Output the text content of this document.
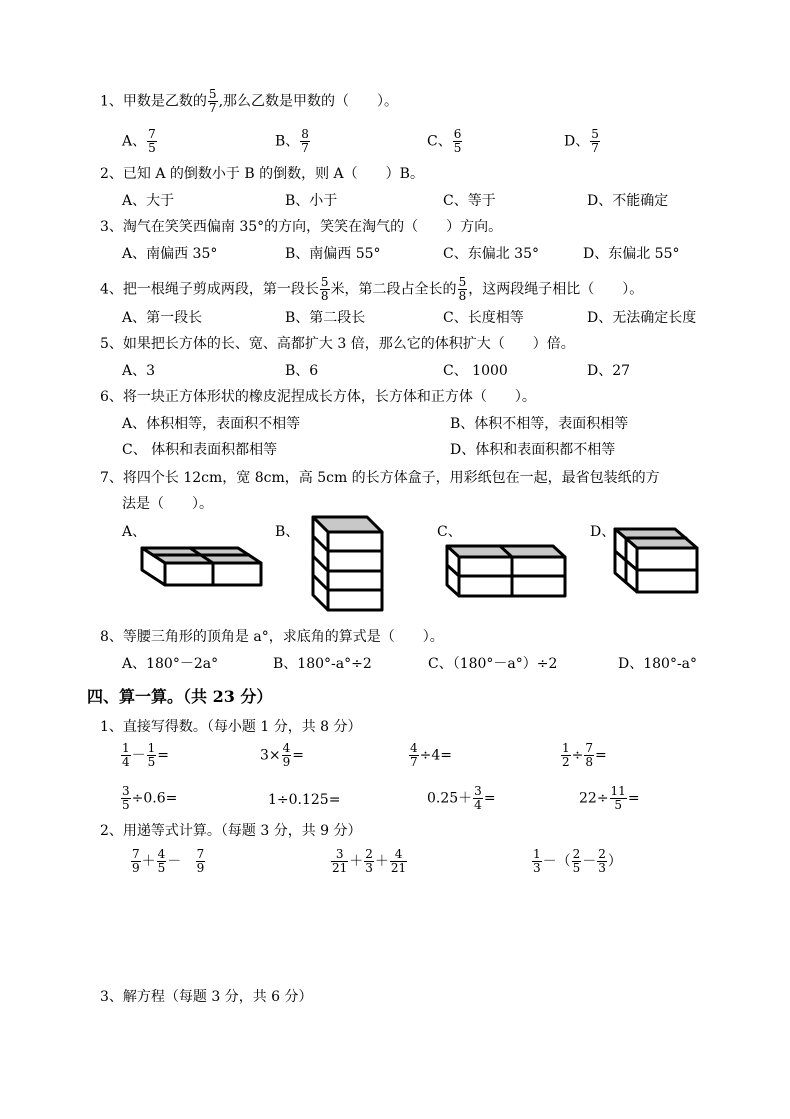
1、甲数是乙数的 $\frac{5}{7}$ ,那么乙数是甲数的（　　）。
A、 $\frac{7}{5}$	B、 $\frac{8}{7}$	C、 $\frac{6}{5}$	D、 $\frac{5}{7}$
2、已知 A 的倒数小于 B 的倒数，则 A（　　）B。
A、大于	B、小于	C、等于	D、不能确定
3、淘气在笑笑西偏南 35°的方向，笑笑在淘气的（　　）方向。
A、南偏西 35°	B、南偏西 55°	C、东偏北 35°	D、东偏北 55°
4、把一根绳子剪成两段，第一段长 $\frac{5}{8}$ 米，第二段占全长的 $\frac{5}{8}$ ，这两段绳子相比（　　）。
A、第一段长	B、第二段长	C、长度相等	D、无法确定长度
5、如果把长方体的长、宽、高都扩大 3 倍，那么它的体积扩大（　　）倍。
A、3	B、6	C、 1000	D、27
6、将一块正方体形状的橡皮泥捏成长方体，长方体和正方体（　　）。
A、体积相等，表面积不相等	B、体积不相等，表面积相等
C、 体积和表面积都相等	D、体积和表面积都不相等
7、将四个长 12cm，宽 8cm，高 5cm 的长方体盒子，用彩纸包在一起，最省包装纸的方
法是（　　）。
A、	B、	C、	D、
8、等腰三角形的顶角是 a°，求底角的算式是（　　）。
A、180°－2a°	B、180°-a°÷2	C、（180°－a°）÷2	D、180°-a°
四、算一算。（共 23 分）
1、直接写得数。（每小题 1 分，共 8 分）
$\frac{1}{4} - \frac{1}{5}$ =	$3\times \frac{4}{9}$ =	$\frac{4}{7} \div 4=$	$\frac{1}{2} \div \frac{7}{8}$ =
$\frac{3}{5} \div 0.6=$	1÷0.125=	$0.25+ \frac{3}{4}$ =	$22\div \frac{11}{5}$ =
2、用递等式计算。（每题 3 分，共 9 分）
$\frac{7}{9} + \frac{4}{5} - \frac{7}{9}$	$\frac{3}{21} + \frac{2}{3} + \frac{4}{21}$	$\frac{1}{3}$ －（ $\frac{2}{5} - \frac{2}{3}$ ）
3、解方程（每题 3 分，共 6 分）
